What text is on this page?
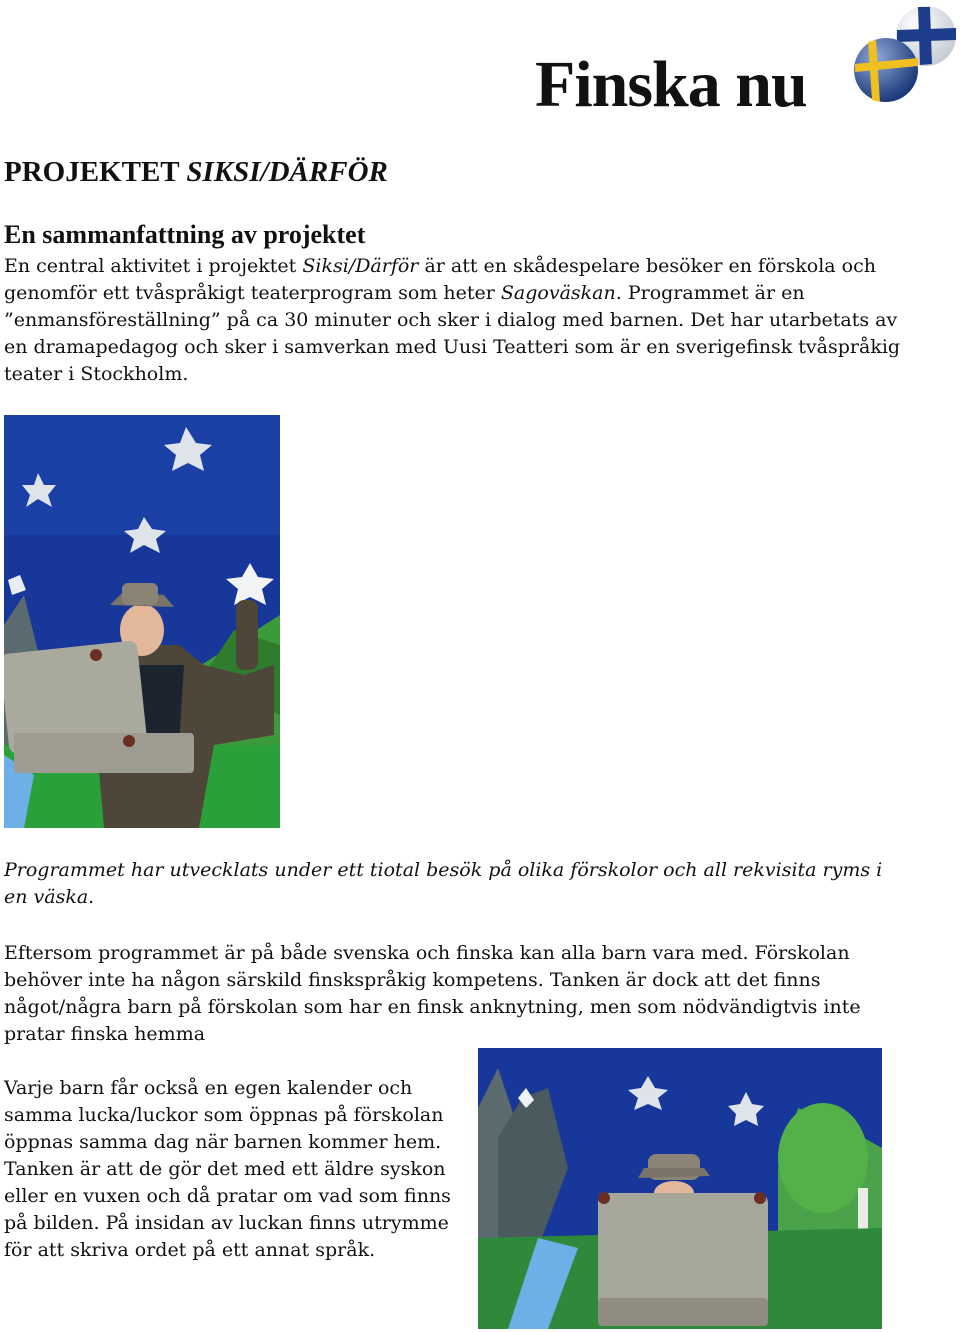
Finska nu
PROJEKTET SIKSI/DÄRFÖR
En sammanfattning av projektet

En central aktivitet i projektet Siksi/Därför är att en skådespelare besöker en förskola och genomför ett tvåspråkigt teaterprogram som heter Sagoväskan. Programmet är en ”enmansföreställning” på ca 30 minuter och sker i dialog med barnen. Det har utarbetats av en dramapedagog och sker i samverkan med Uusi Teatteri som är en sverigefinsk tvåspråkig teater i Stockholm.

Programmet har utvecklats under ett tiotal besök på olika förskolor och all rekvisita ryms i en väska.

Eftersom programmet är på både svenska och finska kan alla barn vara med. Förskolan behöver inte ha någon särskild finskspråkig kompetens. Tanken är dock att det finns något/några barn på förskolan som har en finsk anknytning, men som nödvändigtvis inte pratar finska hemma

Varje barn får också en egen kalender och samma lucka/luckor som öppnas på förskolan öppnas samma dag när barnen kommer hem. Tanken är att de gör det med ett äldre syskon eller en vuxen och då pratar om vad som finns på bilden. På insidan av luckan finns utrymme för att skriva ordet på ett annat språk.
